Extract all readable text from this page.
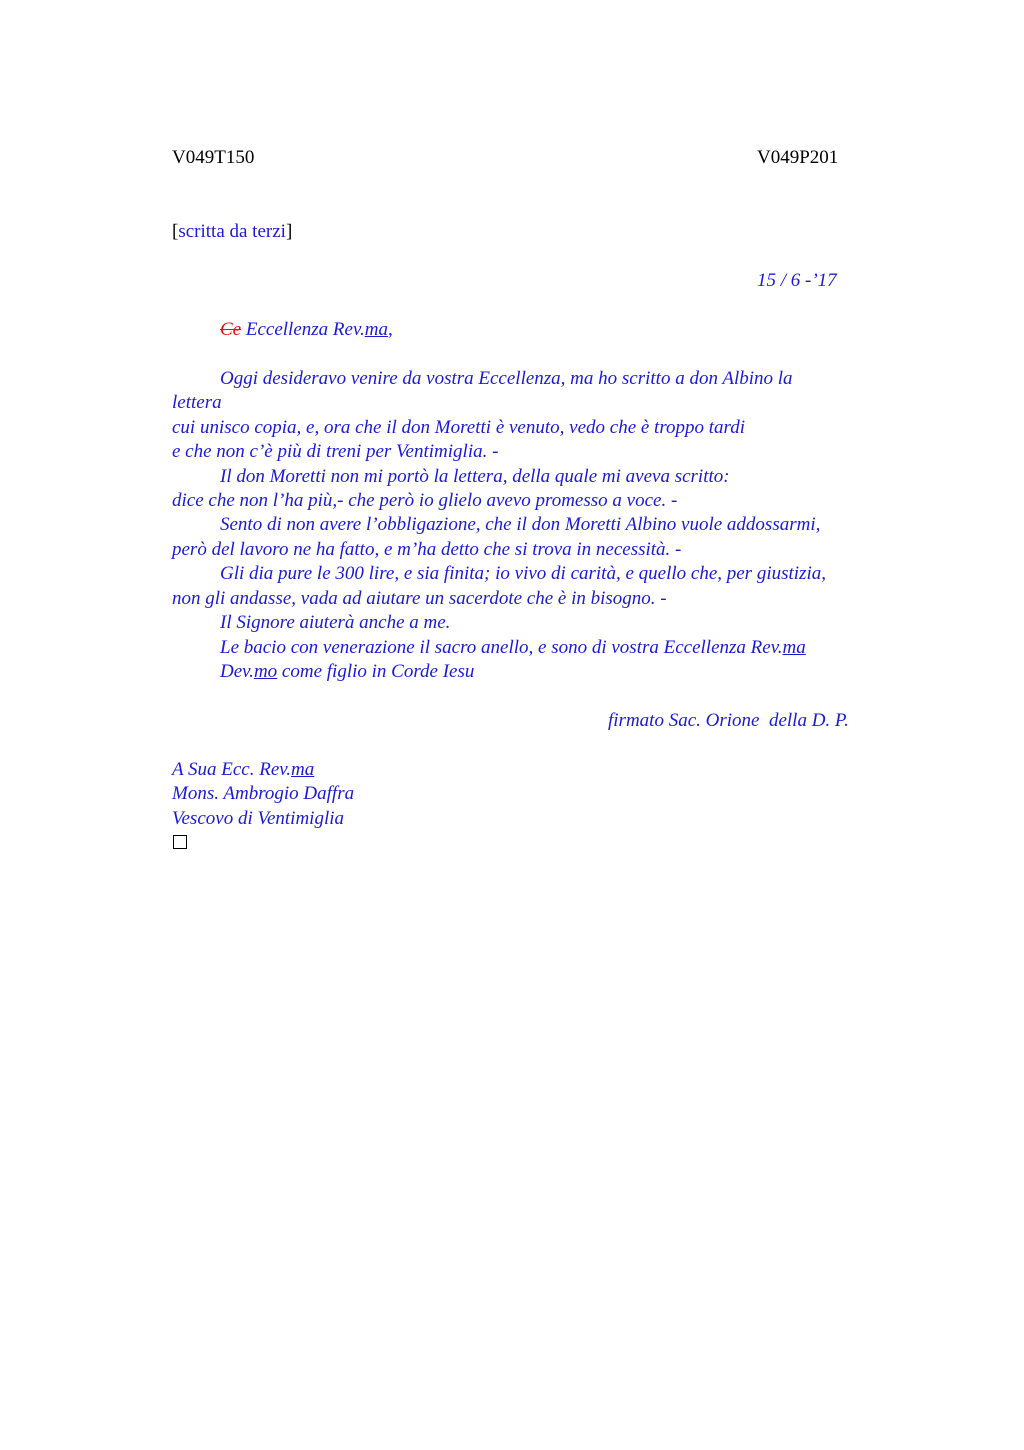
V049T150	V049P201
[scritta da terzi]
15 / 6 -’17
Ce Eccellenza Rev.ma,
Oggi desideravo venire da vostra Eccellenza, ma ho scritto a don Albino la
lettera
cui unisco copia, e, ora che il don Moretti è venuto, vedo che è troppo tardi
e che non c’è più di treni per Ventimiglia. -
Il don Moretti non mi portò la lettera, della quale mi aveva scritto:
dice che non l’ha più,- che però io glielo avevo promesso a voce. -
Sento di non avere l’obbligazione, che il don Moretti Albino vuole addossarmi,
però del lavoro ne ha fatto, e m’ha detto che si trova in necessità. -
Gli dia pure le 300 lire, e sia finita; io vivo di carità, e quello che, per giustizia,
non gli andasse, vada ad aiutare un sacerdote che è in bisogno. -
Il Signore aiuterà anche a me.
Le bacio con venerazione il sacro anello, e sono di vostra Eccellenza Rev.ma
Dev.mo come figlio in Corde Iesu
firmato Sac. Orione  della D. P.
A Sua Ecc. Rev.ma
Mons. Ambrogio Daffra
Vescovo di Ventimiglia
